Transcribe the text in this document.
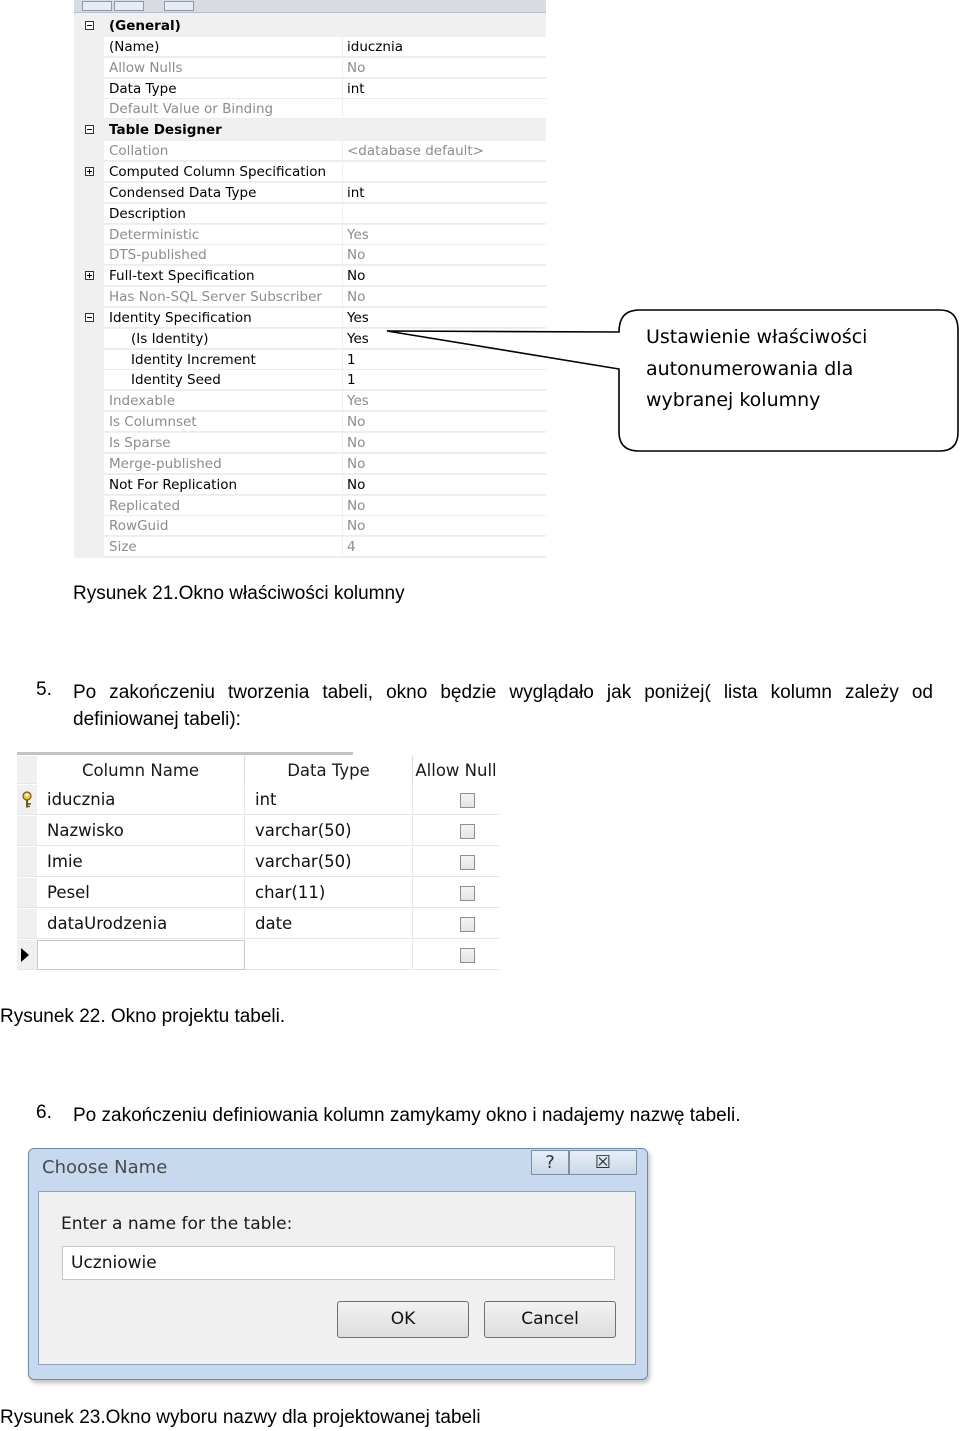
(General)
(Name)	iducznia
Allow Nulls	No
Data Type	int
Default Value or Binding
Table Designer
Collation	<database default>
Computed Column Specification
Condensed Data Type	int
Description
Deterministic	Yes
DTS-published	No
Full-text Specification	No
Has Non-SQL Server Subscriber	No
Identity Specification	Yes
(Is Identity)	Yes
Identity Increment	1
Identity Seed	1
Indexable	Yes
Is Columnset	No
Is Sparse	No
Merge-published	No
Not For Replication	No
Replicated	No
RowGuid	No
Size	4
Ustawienie właściwości
autonumerowania dla
wybranej kolumny
Rysunek 21.Okno właściwości kolumny
5. Po zakończeniu tworzenia tabeli, okno będzie wyglądało jak poniżej( lista kolumn zależy od
definiowanej tabeli):
Column Name	Data Type	Allow Null
iducznia	int
Nazwisko	varchar(50)
Imie	varchar(50)
Pesel	char(11)
dataUrodzenia	date
Rysunek 22. Okno projektu tabeli.
6. Po zakończeniu definiowania kolumn zamykamy okno i nadajemy nazwę tabeli.
Choose Name	?	☒
Enter a name for the table:
Uczniowie
OK	Cancel
Rysunek 23.Okno wyboru nazwy dla projektowanej tabeli
